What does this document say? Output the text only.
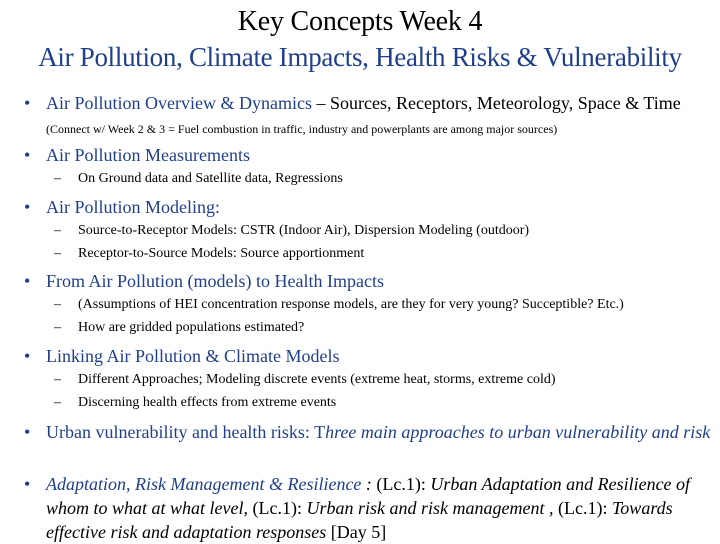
Key Concepts Week 4
Air Pollution, Climate Impacts, Health Risks & Vulnerability
• Air Pollution Overview & Dynamics – Sources, Receptors, Meteorology, Space & Time (Connect w/ Week 2 & 3 = Fuel combustion in traffic, industry and powerplants are among major sources)
• Air Pollution Measurements
– On Ground data and Satellite data, Regressions
• Air Pollution Modeling:
– Source-to-Receptor Models: CSTR (Indoor Air), Dispersion Modeling (outdoor)
– Receptor-to-Source Models: Source apportionment
• From Air Pollution (models) to Health Impacts
– (Assumptions of HEI concentration response models, are they for very young? Succeptible? Etc.)
– How are gridded populations estimated?
• Linking Air Pollution & Climate Models
– Different Approaches; Modeling discrete events (extreme heat, storms, extreme cold)
– Discerning health effects from extreme events
• Urban vulnerability and health risks: Three main approaches to urban vulnerability and risk
• Adaptation, Risk Management & Resilience : (Lc.1): Urban Adaptation and Resilience of whom to what at what level, (Lc.1): Urban risk and risk management , (Lc.1): Towards effective risk and adaptation responses [Day 5]
